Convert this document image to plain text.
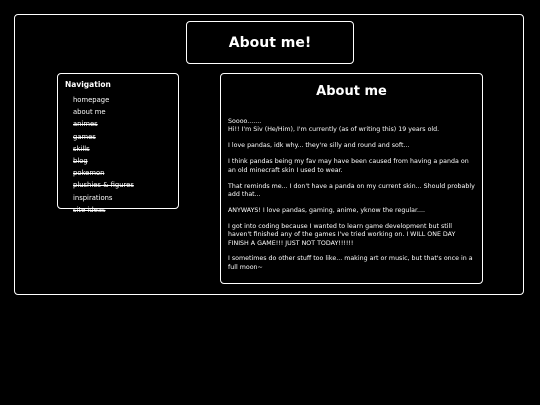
About me!
Navigation
homepage
about me
animes
games
skills
blog
pokemon
plushies & figures
inspirations
site ideas
About me

Soooo.......
Hi!! I'm Siv (He/Him), I'm currently (as of writing this) 19 years old.

I love pandas, idk why... they're silly and round and soft...

I think pandas being my fav may have been caused from having a panda on an old minecraft skin I used to wear.

That reminds me... I don't have a panda on my current skin... Should probably add that...

ANYWAYS! I love pandas, gaming, anime, yknow the regular....

I got into coding because I wanted to learn game development but still haven't finished any of the games I've tried working on. I WILL ONE DAY FINISH A GAME!!! JUST NOT TODAY!!!!!!

I sometimes do other stuff too like... making art or music, but that's once in a full moon~
